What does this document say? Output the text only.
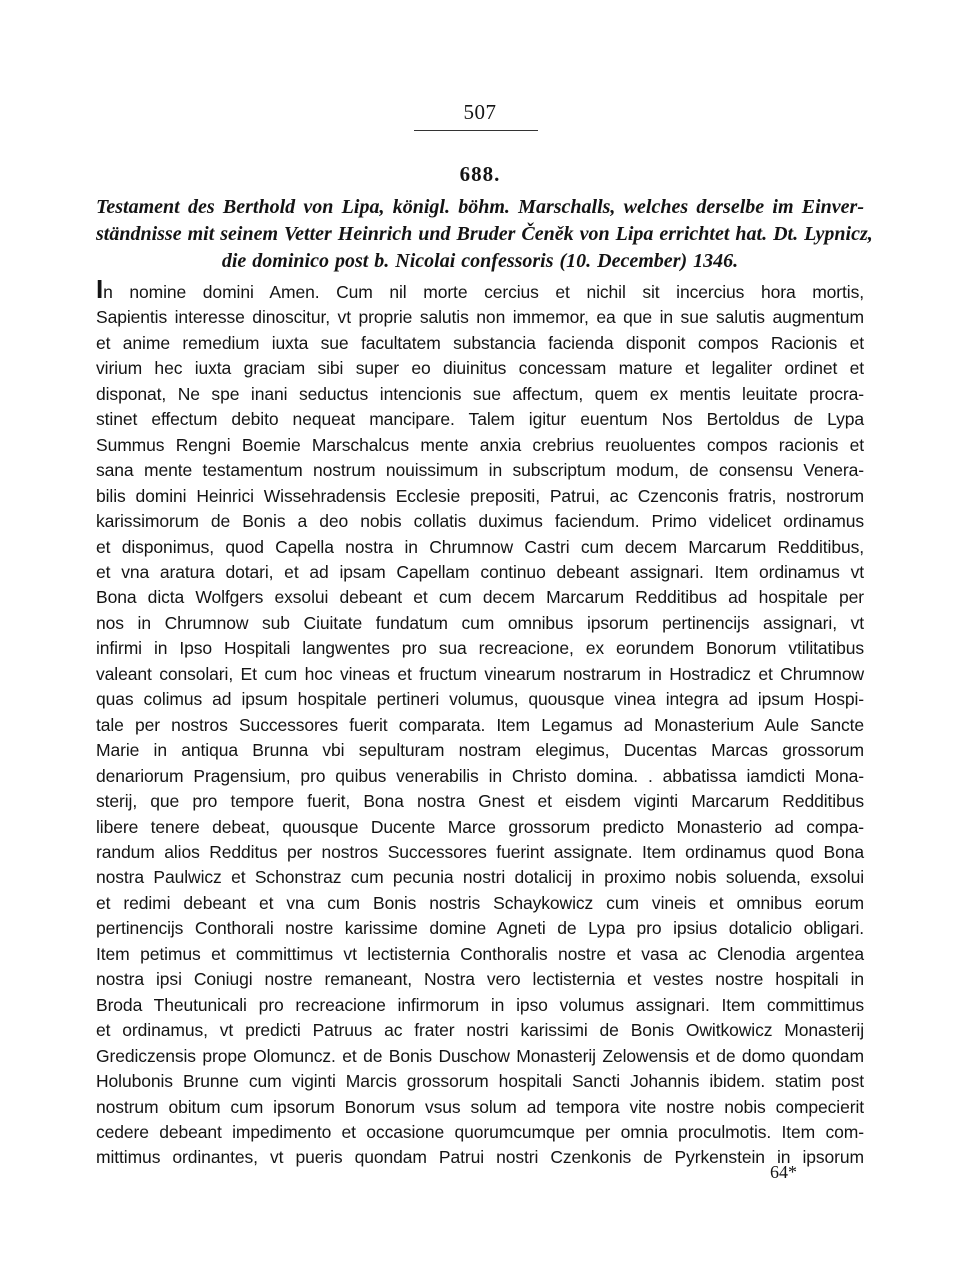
507
688.
Testament des Berthold von Lipa, königl. böhm. Marschalls, welches derselbe im Einver-
ständnisse mit seinem Vetter Heinrich und Bruder Čeněk von Lipa errichtet hat. Dt. Lypnicz,
die dominico post b. Nicolai confessoris (10. December) 1346.
In nomine domini Amen. Cum nil morte cercius et nichil sit incercius hora mortis,
Sapientis interesse dinoscitur, vt proprie salutis non immemor, ea que in sue salutis augmentum
et anime remedium iuxta sue facultatem substancia facienda disponit compos Racionis et
virium hec iuxta graciam sibi super eo diuinitus concessam mature et legaliter ordinet et
disponat, Ne spe inani seductus intencionis sue affectum, quem ex mentis leuitate procra-
stinet effectum debito nequeat mancipare. Talem igitur euentum Nos Bertoldus de Lypa
Summus Rengni Boemie Marschalcus mente anxia crebrius reuoluentes compos racionis et
sana mente testamentum nostrum nouissimum in subscriptum modum, de consensu Venera-
bilis domini Heinrici Wissehradensis Ecclesie prepositi, Patrui, ac Czenconis fratris, nostrorum
karissimorum de Bonis a deo nobis collatis duximus faciendum. Primo videlicet ordinamus
et disponimus, quod Capella nostra in Chrumnow Castri cum decem Marcarum Redditibus,
et vna aratura dotari, et ad ipsam Capellam continuo debeant assignari. Item ordinamus vt
Bona dicta Wolfgers exsolui debeant et cum decem Marcarum Redditibus ad hospitale per
nos in Chrumnow sub Ciuitate fundatum cum omnibus ipsorum pertinencijs assignari, vt
infirmi in Ipso Hospitali langwentes pro sua recreacione, ex eorundem Bonorum vtilitatibus
valeant consolari, Et cum hoc vineas et fructum vinearum nostrarum in Hostradicz et Chrumnow
quas colimus ad ipsum hospitale pertineri volumus, quousque vinea integra ad ipsum Hospi-
tale per nostros Successores fuerit comparata. Item Legamus ad Monasterium Aule Sancte
Marie in antiqua Brunna vbi sepulturam nostram elegimus, Ducentas Marcas grossorum
denariorum Pragensium, pro quibus venerabilis in Christo domina. . abbatissa iamdicti Mona-
sterij, que pro tempore fuerit, Bona nostra Gnest et eisdem viginti Marcarum Redditibus
libere tenere debeat, quousque Ducente Marce grossorum predicto Monasterio ad compa-
randum alios Redditus per nostros Successores fuerint assignate. Item ordinamus quod Bona
nostra Paulwicz et Schonstraz cum pecunia nostri dotalicij in proximo nobis soluenda, exsolui
et redimi debeant et vna cum Bonis nostris Schaykowicz cum vineis et omnibus eorum
pertinencijs Conthorali nostre karissime domine Agneti de Lypa pro ipsius dotalicio obligari.
Item petimus et committimus vt lectisternia Conthoralis nostre et vasa ac Clenodia argentea
nostra ipsi Coniugi nostre remaneant, Nostra vero lectisternia et vestes nostre hospitali in
Broda Theutunicali pro recreacione infirmorum in ipso volumus assignari. Item committimus
et ordinamus, vt predicti Patruus ac frater nostri karissimi de Bonis Owitkowicz Monasterij
Grediczensis prope Olomuncz. et de Bonis Duschow Monasterij Zelowensis et de domo quondam
Holubonis Brunne cum viginti Marcis grossorum hospitali Sancti Johannis ibidem. statim post
nostrum obitum cum ipsorum Bonorum vsus solum ad tempora vite nostre nobis compecierit
cedere debeant impedimento et occasione quorumcumque per omnia proculmotis. Item com-
mittimus ordinantes, vt pueris quondam Patrui nostri Czenkonis de Pyrkenstein in ipsorum
64*
